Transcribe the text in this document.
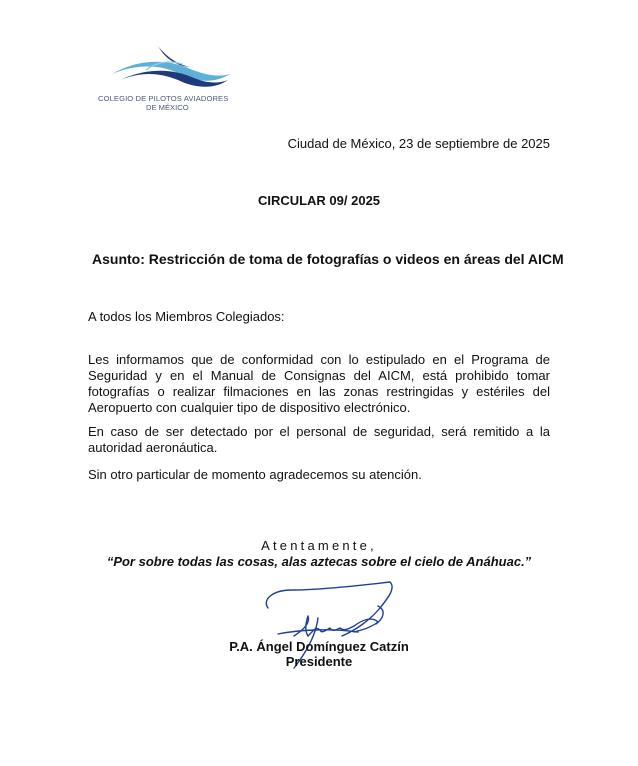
COLEGIO DE PILOTOS AVIADORES
DE MÉXICO
Ciudad de México, 23 de septiembre de 2025
CIRCULAR 09/ 2025
Asunto: Restricción de toma de fotografías o videos en áreas del AICM
A todos los Miembros Colegiados:
Les informamos que de conformidad con lo estipulado en el Programa de Seguridad y en el Manual de Consignas del AICM, está prohibido tomar fotografías o realizar filmaciones en las zonas restringidas y estériles del Aeropuerto con cualquier tipo de dispositivo electrónico.
En caso de ser detectado por el personal de seguridad, será remitido a la autoridad aeronáutica.
Sin otro particular de momento agradecemos su atención.
Atentamente,
“Por sobre todas las cosas, alas aztecas sobre el cielo de Anáhuac.”
P.A. Ángel Domínguez Catzín
Presidente
